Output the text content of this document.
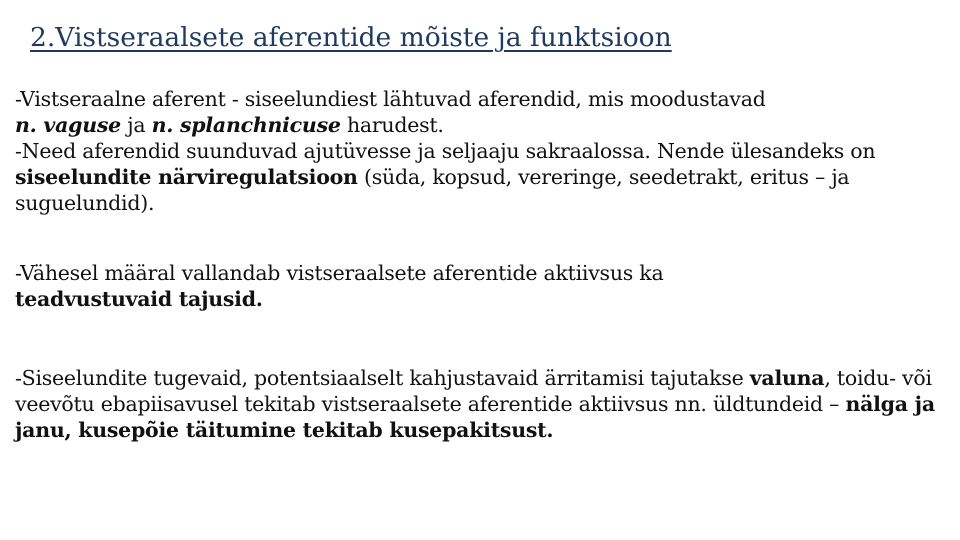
2.Vistseraalsete aferentide mõiste ja funktsioon

-Vistseraalne aferent - siseelundiest lähtuvad aferendid, mis moodustavad
n. vaguse ja n. splanchnicuse harudest.

-Need aferendid suunduvad ajutüvesse ja seljaaju sakraalossa. Nende ülesandeks on siseelundite närviregulatsioon (süda, kopsud, vereringe, seedetrakt, eritus – ja suguelundid).

-Vähesel määral vallandab vistseraalsete aferentide aktiivsus ka
teadvustuvaid tajusid.

-Siseelundite tugevaid, potentsiaalselt kahjustavaid ärritamisi tajutakse valuna, toidu- või veevõtu ebapiisavusel tekitab vistseraalsete aferentide aktiivsus nn. üldtundeid – nälga ja janu, kusepõie täitumine tekitab kusepakitsust.
